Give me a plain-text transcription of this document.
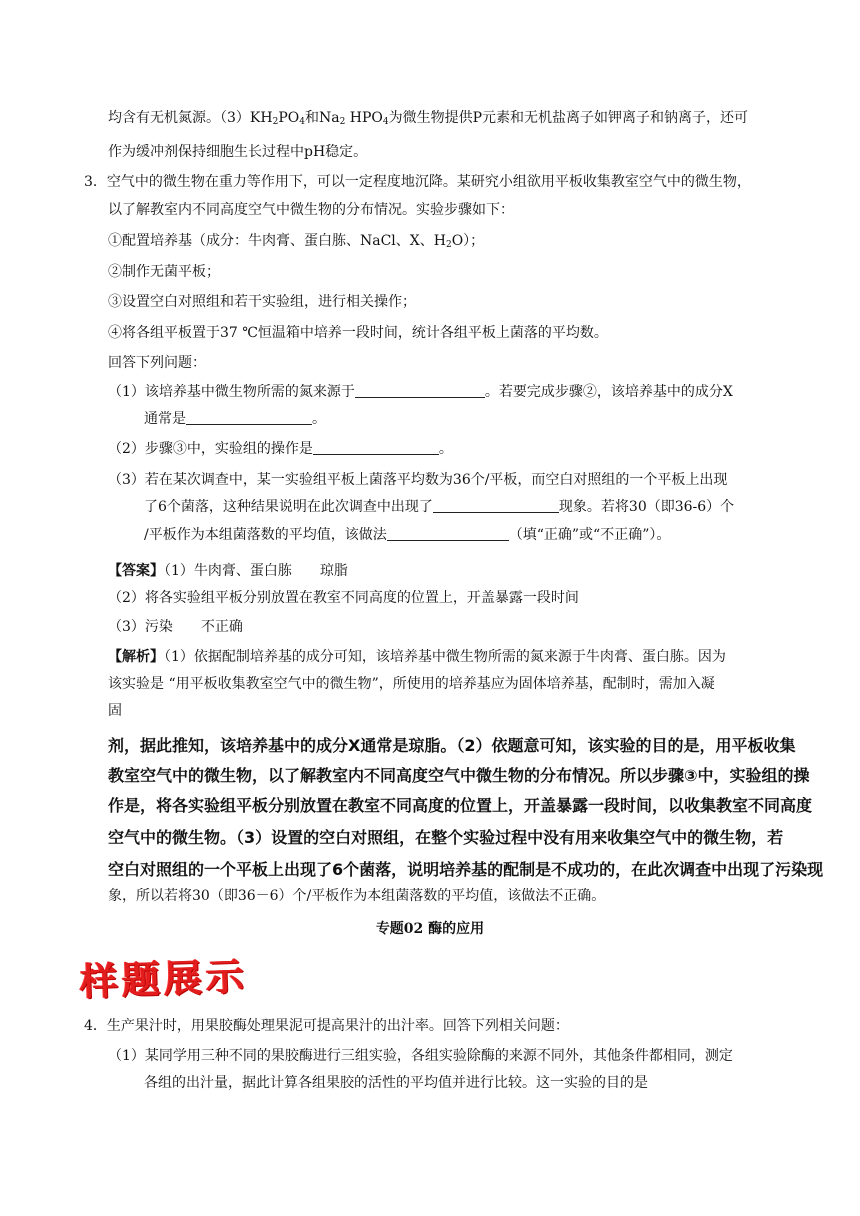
均含有无机氮源。$(3)KH_2PO_4$和$Na_2$ $HPO_4$为微生物提供P元素和无机盐离子如钾离子和钠离子，还可
作为缓冲剂保持细胞生长过程中pH稳定。
3．空气中的微生物在重力等作用下，可以一定程度地沉降。某研究小组欲用平板收集教室空气中的微生物，
以了解教室内不同高度空气中微生物的分布情况。实验步骤如下：
①配置培养基（成分：牛肉膏、蛋白胨、NaCl、X、$H_2O$）；
②制作无菌平板；
③设置空白对照组和若干实验组，进行相关操作；
④将各组平板置于37 ℃恒温箱中培养一段时间，统计各组平板上菌落的平均数。
回答下列问题：
（1）该培养基中微生物所需的氮来源于	。若要完成步骤②，该培养基中的成分X
通常是	。
（2）步骤③中，实验组的操作是	。
（3）若在某次调查中，某一实验组平板上菌落平均数为36个/平板，而空白对照组的一个平板上出现
了6个菌落，这种结果说明在此次调查中出现了	现象。若将30（即36-6）个
/平板作为本组菌落数的平均值，该做法	（填“正确”或“不正确”）。
【答案】（1）牛肉膏、蛋白胨　　琼脂
（2）将各实验组平板分别放置在教室不同高度的位置上，开盖暴露一段时间
（3）污染　　不正确
【解析】（1）依据配制培养基的成分可知，该培养基中微生物所需的氮来源于牛肉膏、蛋白胨。因为
该实验是 “用平板收集教室空气中的微生物”，所使用的培养基应为固体培养基，配制时，需加入凝
固
剂，据此推知，该培养基中的成分X通常是琼脂。（2）依题意可知，该实验的目的是，用平板收集
教室空气中的微生物，以了解教室内不同高度空气中微生物的分布情况。所以步骤③中，实验组的操
作是，将各实验组平板分别放置在教室不同高度的位置上，开盖暴露一段时间，以收集教室不同高度
空气中的微生物。（3）设置的空白对照组，在整个实验过程中没有用来收集空气中的微生物，若
空白对照组的一个平板上出现了6个菌落，说明培养基的配制是不成功的，在此次调查中出现了污染现
象，所以若将30（即36－6）个/平板作为本组菌落数的平均值，该做法不正确。
专题02 酶的应用
样题展示
4．生产果汁时，用果胶酶处理果泥可提高果汁的出汁率。回答下列相关问题：
（1）某同学用三种不同的果胶酶进行三组实验，各组实验除酶的来源不同外，其他条件都相同，测定
各组的出汁量，据此计算各组果胶的活性的平均值并进行比较。这一实验的目的是
